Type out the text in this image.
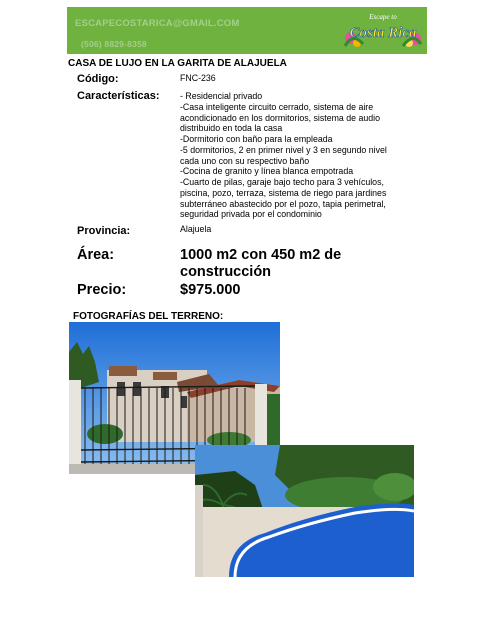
ESCAPECOSTARICA@GMAIL.COM
(506) 8829-8358
Escape to
Costa Rica
CASA DE LUJO EN LA GARITA DE ALAJUELA
Código:	FNC-236
Características: - Residencial privado
-Casa inteligente circuito cerrado, sistema de aire
acondicionado en los dormitorios, sistema de audio
distribuido en toda la casa
-Dormitorio con baño para la empleada
-5 dormitorios, 2 en primer nivel y 3 en segundo nivel
cada uno con su respectivo baño
-Cocina de granito y línea blanca empotrada
-Cuarto de pilas, garaje bajo techo para 3 vehículos,
piscina, pozo, terraza, sistema de riego para jardines
subterráneo abastecido por el pozo, tapia perimetral,
seguridad privada por el condominio
Provincia:	Alajuela
Área:	1000 m2 con 450 m2 de
construcción
Precio:	$975.000
FOTOGRAFÍAS DEL TERRENO:
